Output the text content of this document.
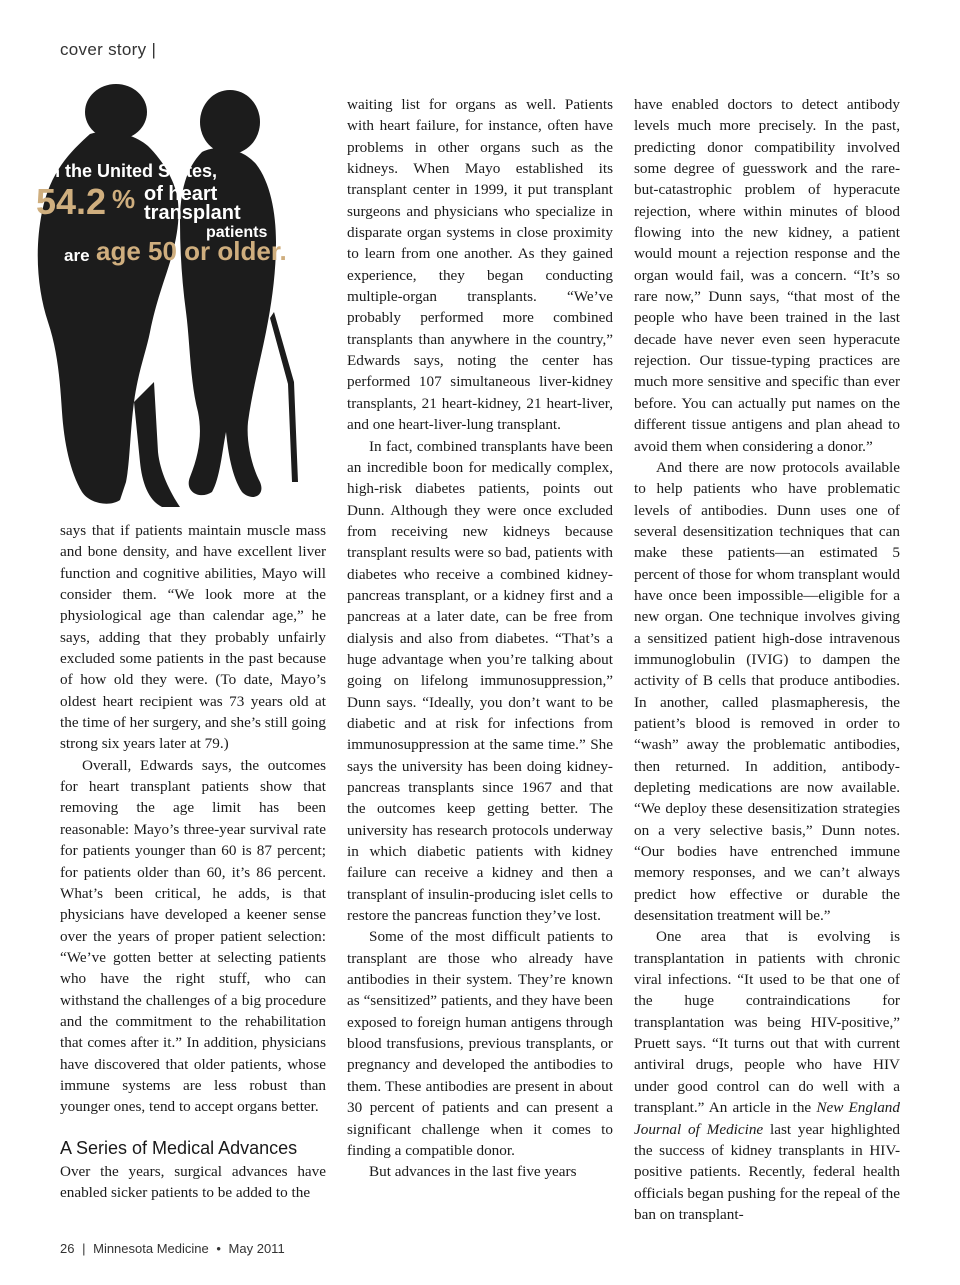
cover story |
In the United States,
54.2 % of heart
transplant
patients
are age 50 or older.

says that if patients maintain muscle mass and bone density, and have excellent liver function and cognitive abilities, Mayo will consider them. “We look more at the physiological age than calendar age,” he says, adding that they probably unfairly excluded some patients in the past because of how old they were. (To date, Mayo’s oldest heart recipient was 73 years old at the time of her surgery, and she’s still going strong six years later at 79.)

Overall, Edwards says, the outcomes for heart transplant patients show that removing the age limit has been reasonable: Mayo’s three-year survival rate for patients younger than 60 is 87 percent; for patients older than 60, it’s 86 percent. What’s been critical, he adds, is that physicians have developed a keener sense over the years of proper patient selection: “We’ve gotten better at selecting patients who have the right stuff, who can withstand the challenges of a big procedure and the commitment to the rehabilitation that comes after it.” In addition, physicians have discovered that older patients, whose immune systems are less robust than younger ones, tend to accept organs better.

A Series of Medical Advances

Over the years, surgical advances have enabled sicker patients to be added to the

waiting list for organs as well. Patients with heart failure, for instance, often have problems in other organs such as the kidneys. When Mayo established its transplant center in 1999, it put transplant surgeons and physicians who specialize in disparate organ systems in close proximity to learn from one another. As they gained experience, they began conducting multiple-organ transplants. “We’ve probably performed more combined transplants than anywhere in the country,” Edwards says, noting the center has performed 107 simultaneous liver-kidney transplants, 21 heart-kidney, 21 heart-liver, and one heart-liver-lung transplant.

In fact, combined transplants have been an incredible boon for medically complex, high-risk diabetes patients, points out Dunn. Although they were once excluded from receiving new kidneys because transplant results were so bad, patients with diabetes who receive a combined kidney-pancreas transplant, or a kidney first and a pancreas at a later date, can be free from dialysis and also from diabetes. “That’s a huge advantage when you’re talking about going on lifelong immunosuppression,” Dunn says. “Ideally, you don’t want to be diabetic and at risk for infections from immunosuppression at the same time.” She says the university has been doing kidney-pancreas transplants since 1967 and that the outcomes keep getting better. The university has research protocols underway in which diabetic patients with kidney failure can receive a kidney and then a transplant of insulin-producing islet cells to restore the pancreas function they’ve lost.

Some of the most difficult patients to transplant are those who already have antibodies in their system. They’re known as “sensitized” patients, and they have been exposed to foreign human antigens through blood transfusions, previous transplants, or pregnancy and developed the antibodies to them. These antibodies are present in about 30 percent of patients and can present a significant challenge when it comes to finding a compatible donor.

But advances in the last five years

have enabled doctors to detect antibody levels much more precisely. In the past, predicting donor compatibility involved some degree of guesswork and the rare-but-catastrophic problem of hyperacute rejection, where within minutes of blood flowing into the new kidney, a patient would mount a rejection response and the organ would fail, was a concern. “It’s so rare now,” Dunn says, “that most of the people who have been trained in the last decade have never even seen hyperacute rejection. Our tissue-typing practices are much more sensitive and specific than ever before. You can actually put names on the different tissue antigens and plan ahead to avoid them when considering a donor.”

And there are now protocols available to help patients who have problematic levels of antibodies. Dunn uses one of several desensitization techniques that can make these patients—an estimated 5 percent of those for whom transplant would have once been impossible—eligible for a new organ. One technique involves giving a sensitized patient high-dose intravenous immunoglobulin (IVIG) to dampen the activity of B cells that produce antibodies. In another, called plasmapheresis, the patient’s blood is removed in order to “wash” away the problematic antibodies, then returned. In addition, antibody-depleting medications are now available. “We deploy these desensitization strategies on a very selective basis,” Dunn notes. “Our bodies have entrenched immune memory responses, and we can’t always predict how effective or durable the desensitation treatment will be.”

One area that is evolving is transplantation in patients with chronic viral infections. “It used to be that one of the huge contraindications for transplantation was being HIV-positive,” Pruett says. “It turns out that with current antiviral drugs, people who have HIV under good control can do well with a transplant.” An article in the New England Journal of Medicine last year highlighted the success of kidney transplants in HIV-positive patients. Recently, federal health officials began pushing for the repeal of the ban on transplant-

26 | Minnesota Medicine • May 2011
